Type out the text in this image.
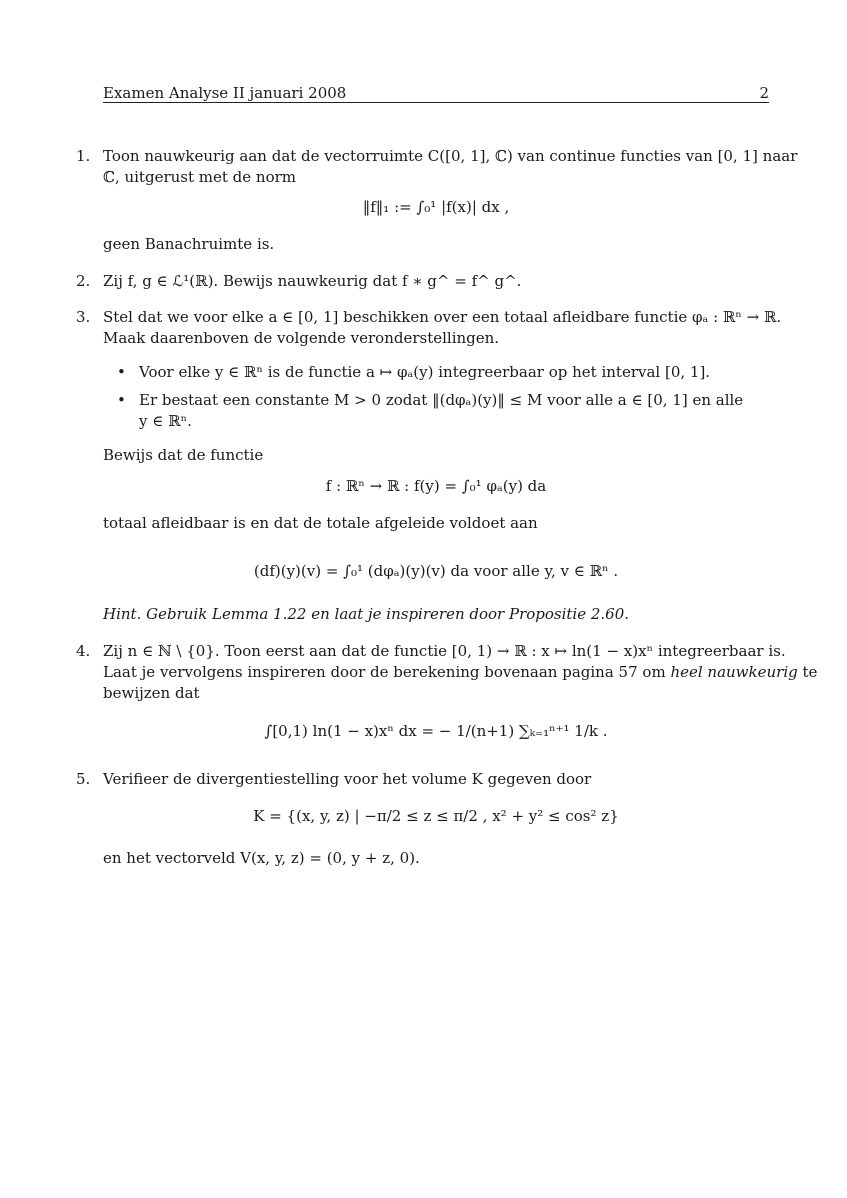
Examen Analyse II januari 2008	2
1. Toon nauwkeurig aan dat de vectorruimte C([0, 1], ℂ) van continue functies van [0, 1] naar
ℂ, uitgerust met de norm
‖f‖₁ := ∫₀¹ |f(x)| dx ,
geen Banachruimte is.
2. Zij f, g ∈ ℒ¹(ℝ). Bewijs nauwkeurig dat f ∗ g^ = f^ g^.
3. Stel dat we voor elke a ∈ [0, 1] beschikken over een totaal afleidbare functie φₐ : ℝⁿ → ℝ.
Maak daarenboven de volgende veronderstellingen.
• Voor elke y ∈ ℝⁿ is de functie a ↦ φₐ(y) integreerbaar op het interval [0, 1].
• Er bestaat een constante M > 0 zodat ‖(dφₐ)(y)‖ ≤ M voor alle a ∈ [0, 1] en alle
y ∈ ℝⁿ.
Bewijs dat de functie
f : ℝⁿ → ℝ : f(y) = ∫₀¹ φₐ(y) da
totaal afleidbaar is en dat de totale afgeleide voldoet aan
(df)(y)(v) = ∫₀¹ (dφₐ)(y)(v) da voor alle y, v ∈ ℝⁿ .
Hint. Gebruik Lemma 1.22 en laat je inspireren door Propositie 2.60.
4. Zij n ∈ ℕ \ {0}. Toon eerst aan dat de functie [0, 1) → ℝ : x ↦ ln(1 − x)xⁿ integreerbaar is.
Laat je vervolgens inspireren door de berekening bovenaan pagina 57 om heel nauwkeurig te
bewijzen dat
∫[0,1) ln(1 − x)xⁿ dx = − 1/(n+1) ∑ₖ₌₁ⁿ⁺¹ 1/k .
5. Verifieer de divergentiestelling voor het volume K gegeven door
K = {(x, y, z) | −π/2 ≤ z ≤ π/2 , x² + y² ≤ cos² z}
en het vectorveld V(x, y, z) = (0, y + z, 0).
